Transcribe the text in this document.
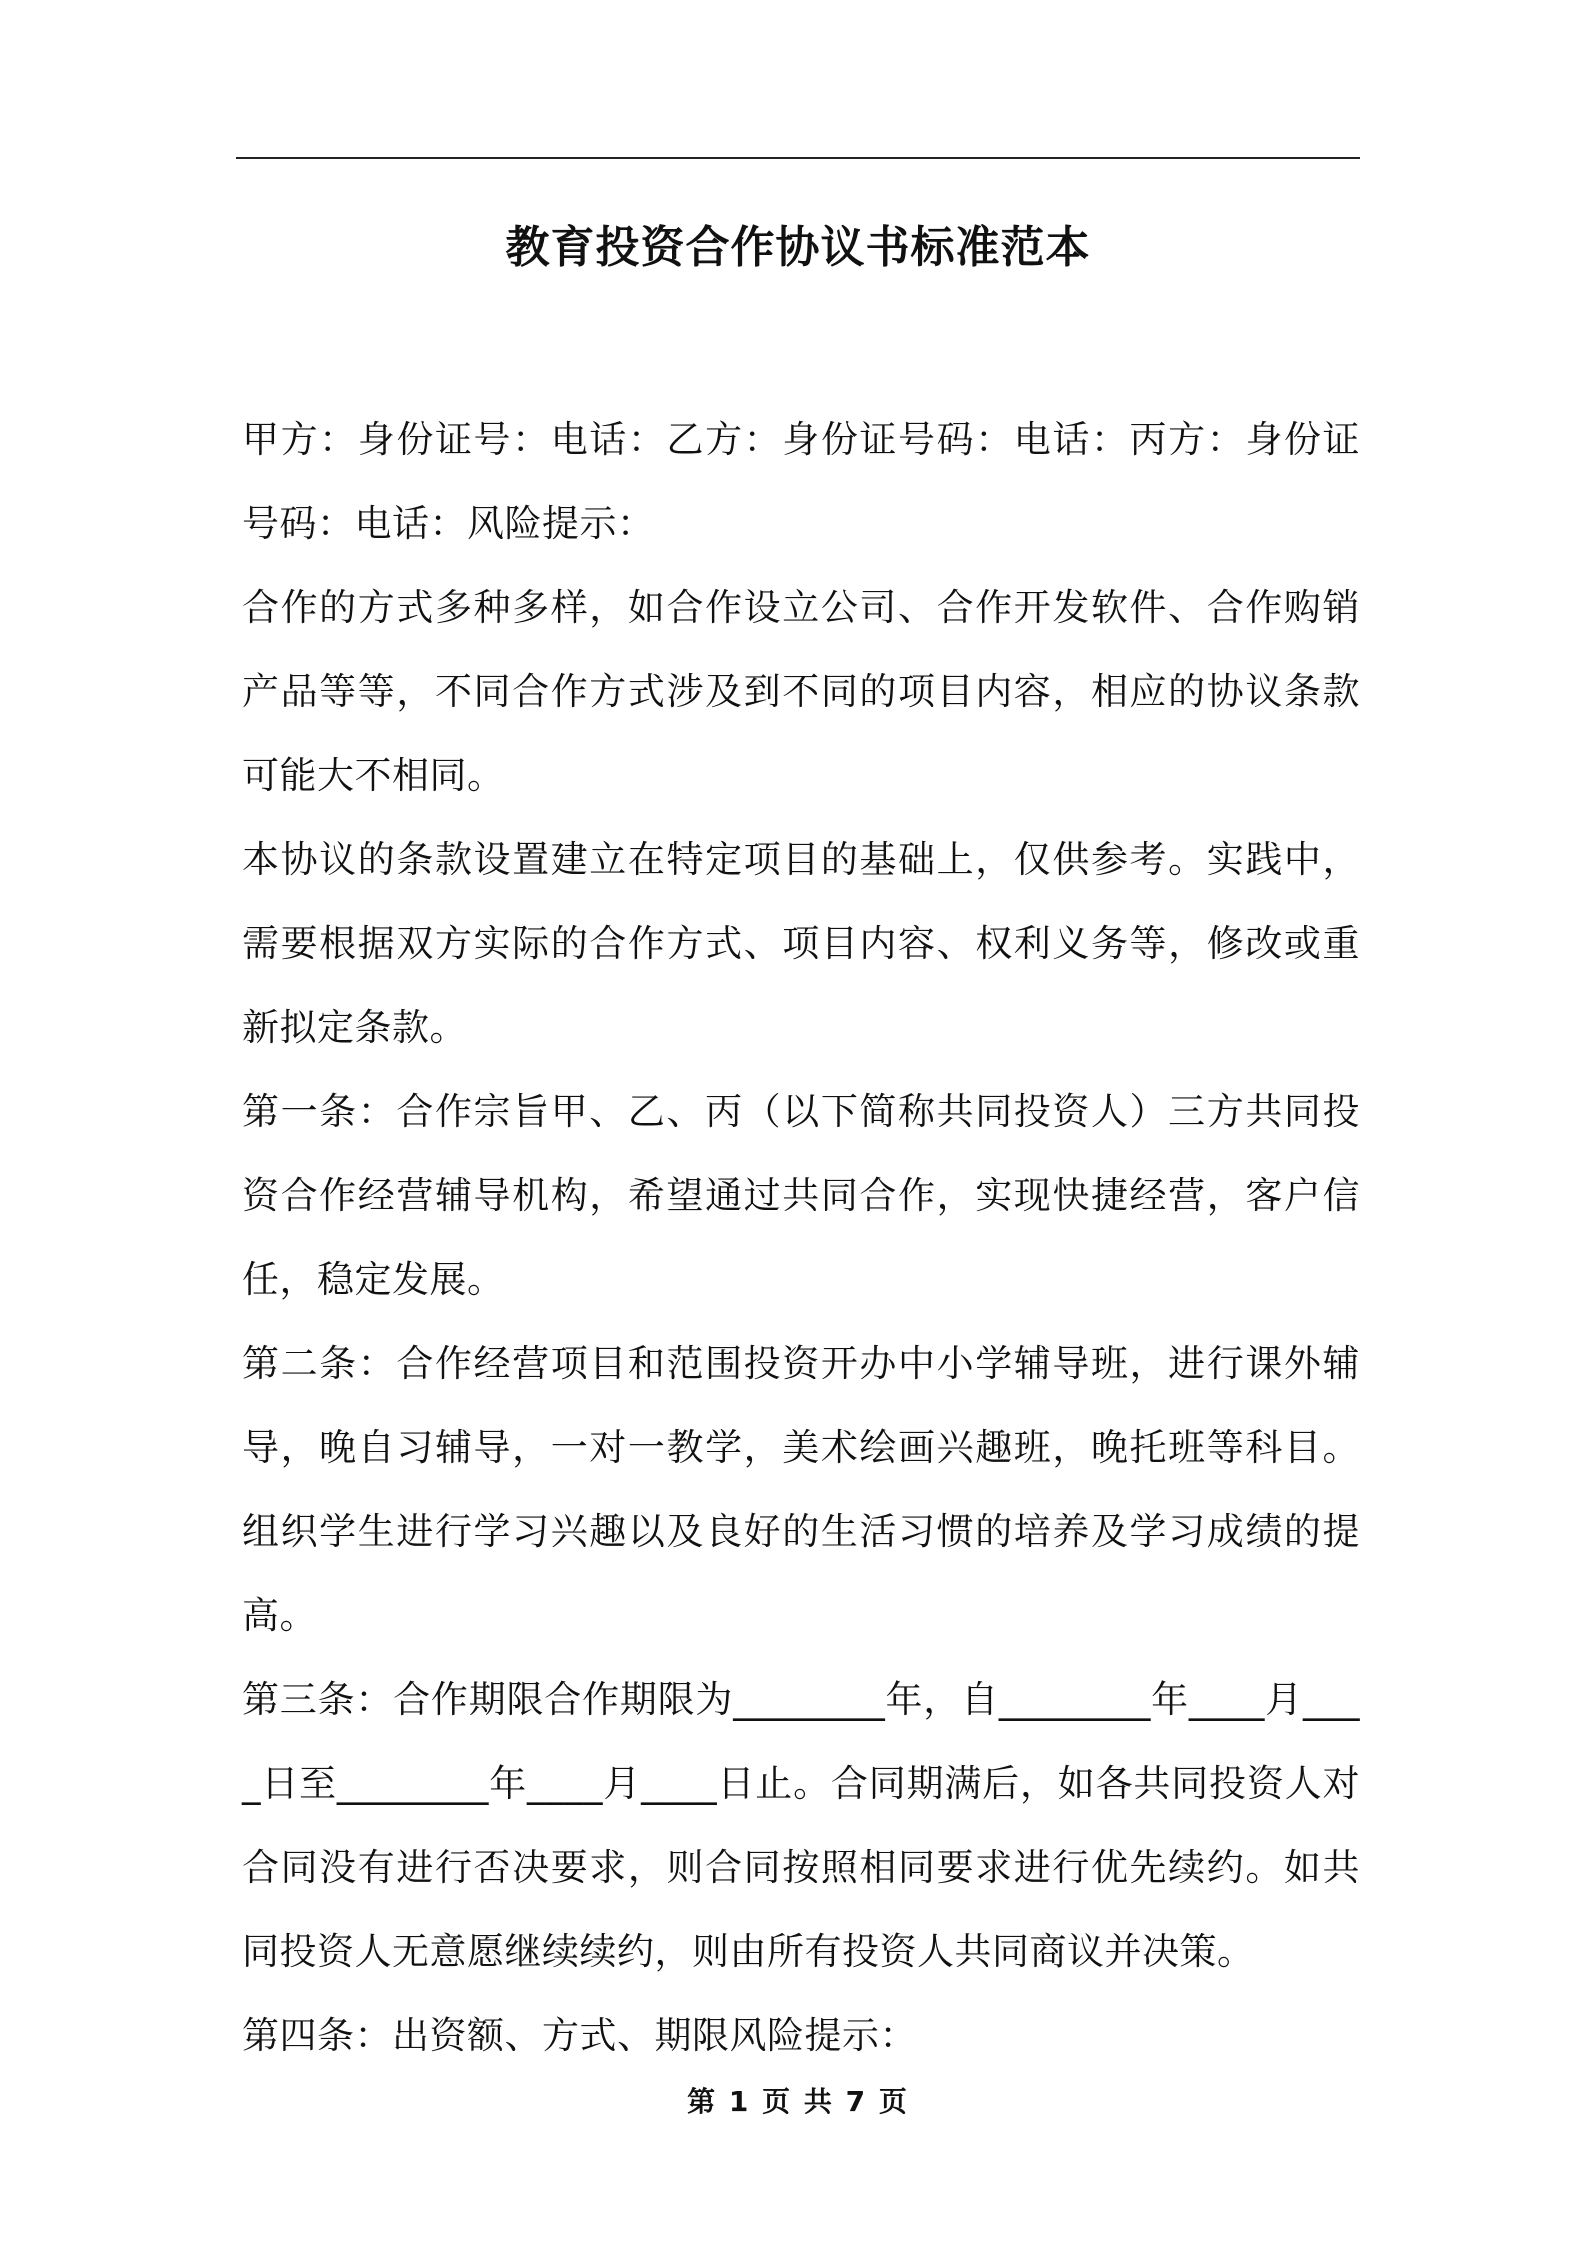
教育投资合作协议书标准范本

甲方：身份证号：电话：乙方：身份证号码：电话：丙方：身份证号码：电话：风险提示：

合作的方式多种多样，如合作设立公司、合作开发软件、合作购销产品等等，不同合作方式涉及到不同的项目内容，相应的协议条款可能大不相同。

本协议的条款设置建立在特定项目的基础上，仅供参考。实践中，需要根据双方实际的合作方式、项目内容、权利义务等，修改或重新拟定条款。

第一条：合作宗旨甲、乙、丙（以下简称共同投资人）三方共同投资合作经营辅导机构，希望通过共同合作，实现快捷经营，客户信任，稳定发展。

第二条：合作经营项目和范围投资开办中小学辅导班，进行课外辅导，晚自习辅导，一对一教学，美术绘画兴趣班，晚托班等科目。组织学生进行学习兴趣以及良好的生活习惯的培养及学习成绩的提高。

第三条：合作期限合作期限为________年，自________年____月____日至________年____月____日止。合同期满后，如各共同投资人对合同没有进行否决要求，则合同按照相同要求进行优先续约。如共同投资人无意愿继续续约，则由所有投资人共同商议并决策。

第四条：出资额、方式、期限风险提示：

第 1 页 共 7 页
